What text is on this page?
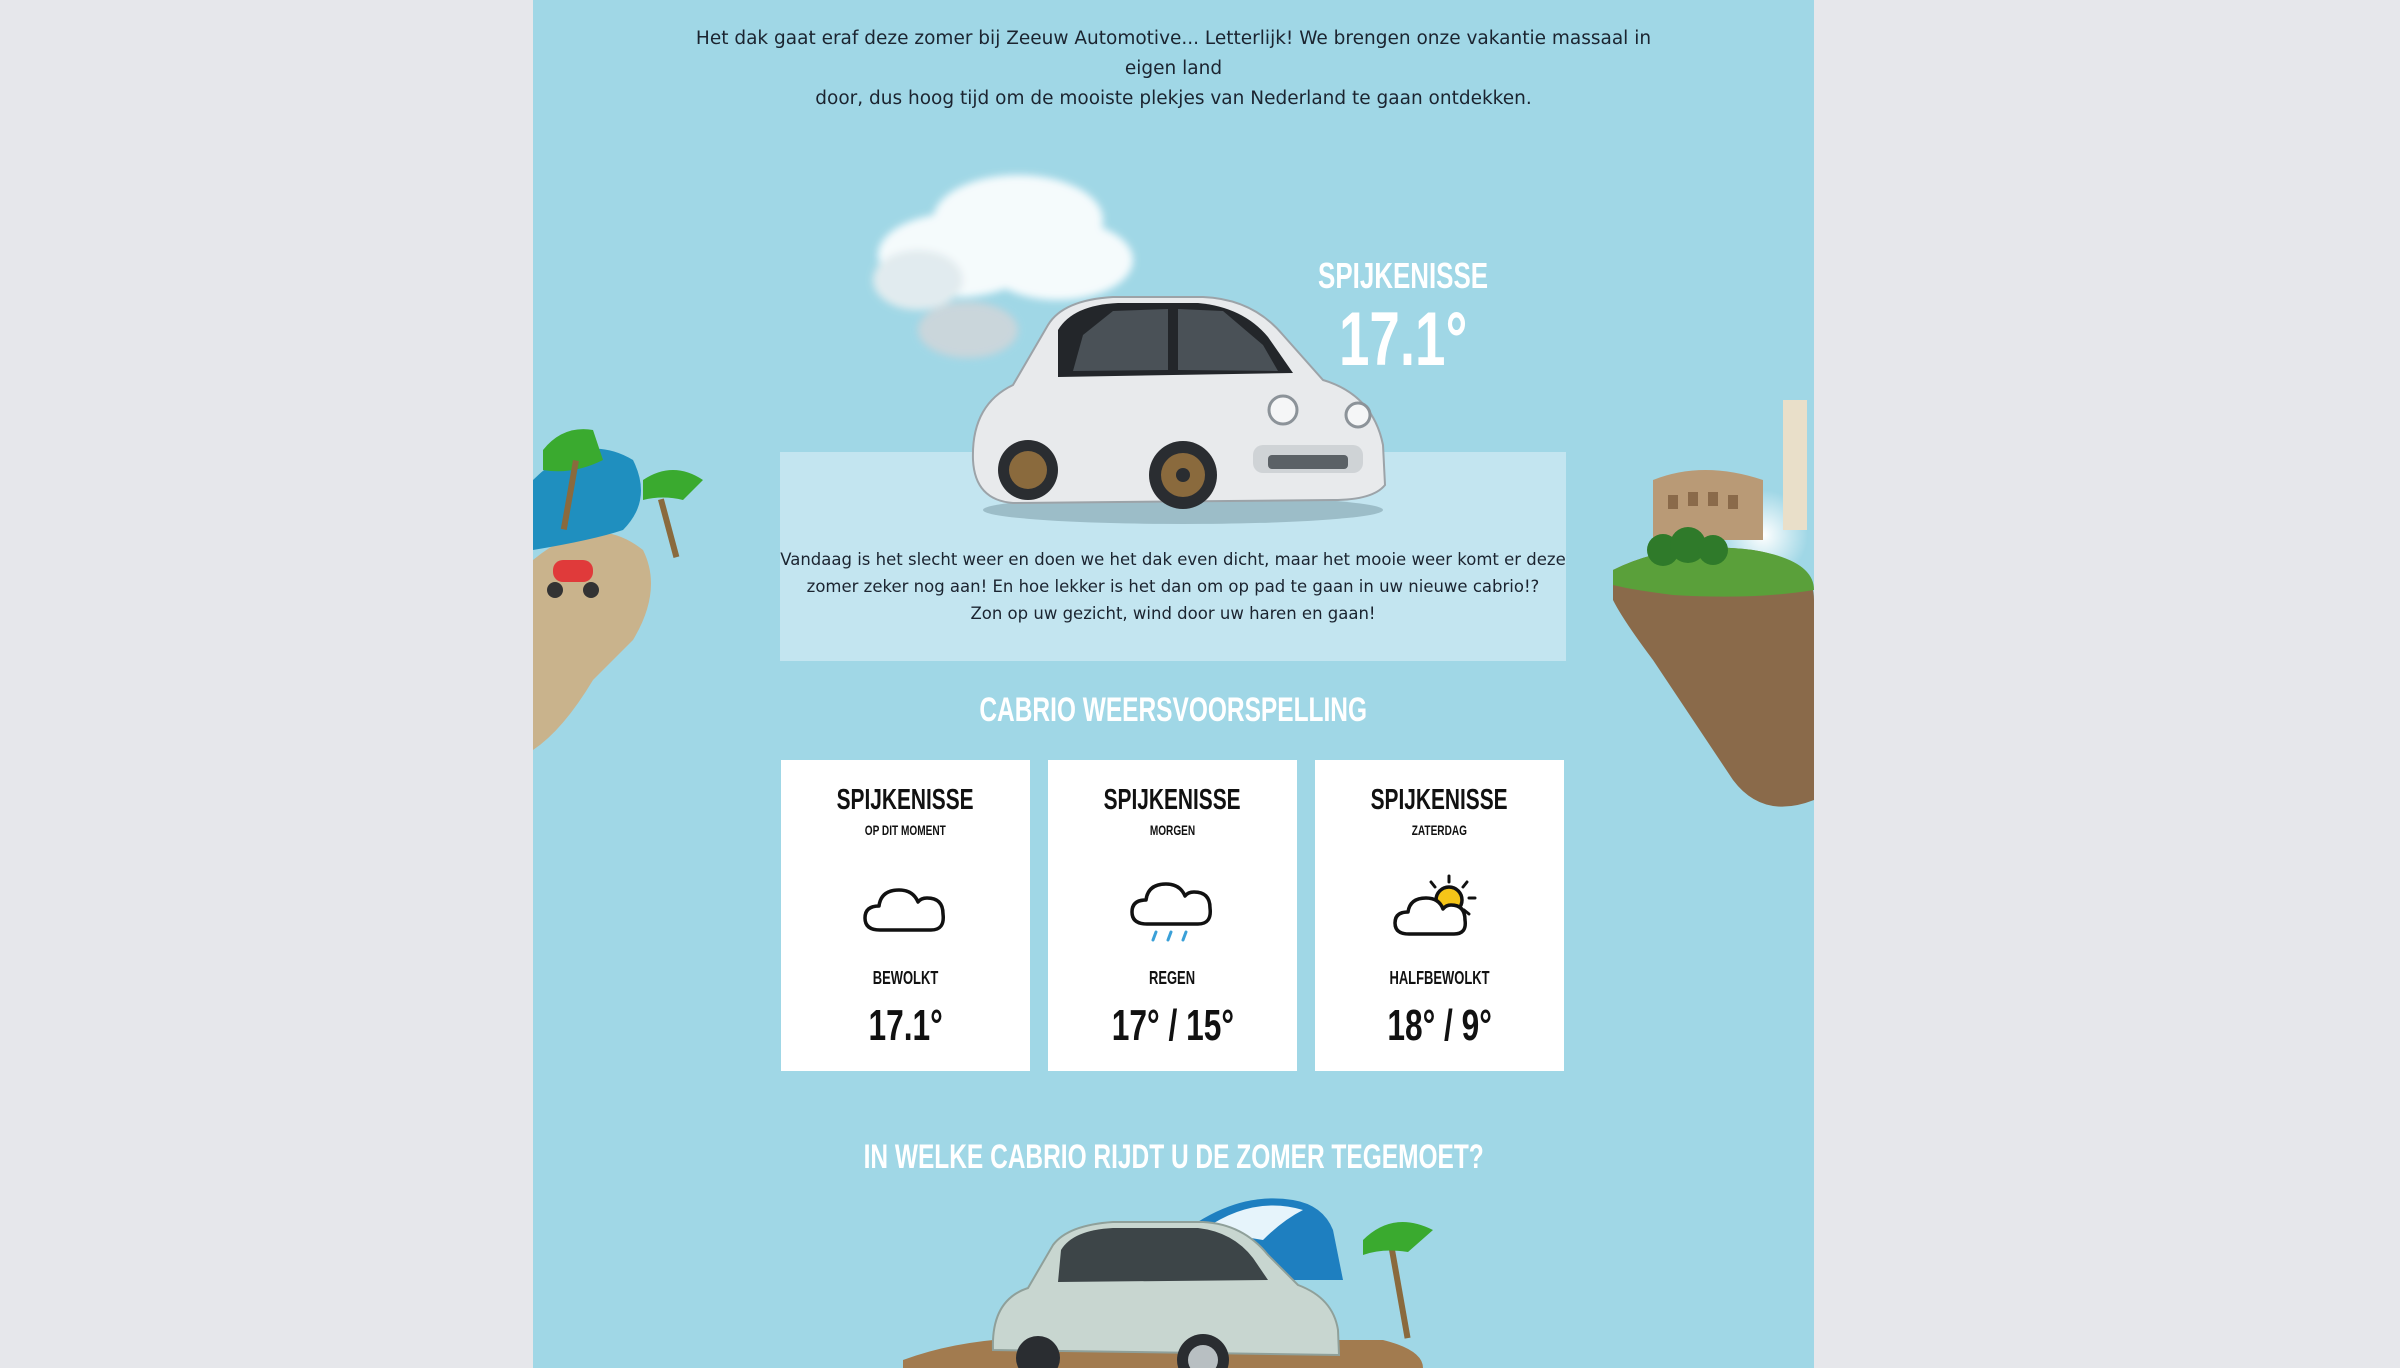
Het dak gaat eraf deze zomer bij Zeeuw Automotive... Letterlijk! We brengen onze vakantie massaal in eigen land
door, dus hoog tijd om de mooiste plekjes van Nederland te gaan ontdekken.
SPIJKENISSE
17.1°
Vandaag is het slecht weer en doen we het dak even dicht, maar het mooie weer komt er deze
zomer zeker nog aan! En hoe lekker is het dan om op pad te gaan in uw nieuwe cabrio!?
Zon op uw gezicht, wind door uw haren en gaan!
CABRIO WEERSVOORSPELLING
SPIJKENISSE
OP DIT MOMENT
BEWOLKT
17.1°
SPIJKENISSE
MORGEN
REGEN
17° / 15°
SPIJKENISSE
ZATERDAG
HALFBEWOLKT
18° / 9°
IN WELKE CABRIO RIJDT U DE ZOMER TEGEMOET?
